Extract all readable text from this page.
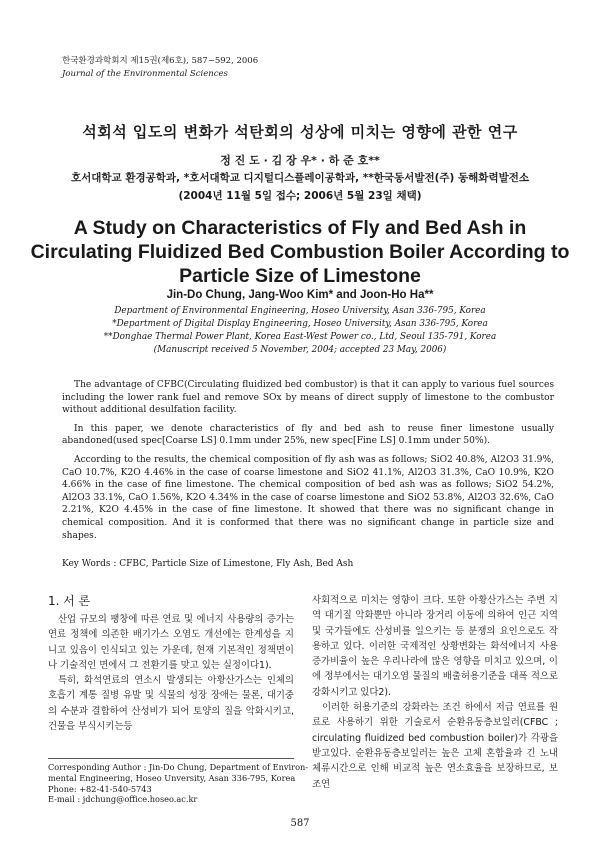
한국환경과학회지 제15권(제6호), 587~592, 2006
Journal of the Environmental Sciences
석회석 입도의 변화가 석탄회의 성상에 미치는 영향에 관한 연구
정 진 도 · 김 장 우* · 하 준 호**
호서대학교 환경공학과, *호서대학교 디지털디스플레이공학과, **한국동서발전(주) 동해화력발전소
(2004년 11월 5일 접수; 2006년 5월 23일 채택)
A Study on Characteristics of Fly and Bed Ash in Circulating Fluidized Bed Combustion Boiler According to Particle Size of Limestone
Jin-Do Chung, Jang-Woo Kim* and Joon-Ho Ha**
Department of Environmental Engineering, Hoseo University, Asan 336-795, Korea
*Department of Digital Display Engineering, Hoseo University, Asan 336-795, Korea
**Donghae Thermal Power Plant, Korea East-West Power co., Ltd, Seoul 135-791, Korea
(Manuscript received 5 November, 2004; accepted 23 May, 2006)

The advantage of CFBC(Circulating fluidized bed combustor) is that it can apply to various fuel sources including the lower rank fuel and remove SOx by means of direct supply of limestone to the combustor without additional desulfation facility.

In this paper, we denote characteristics of fly and bed ash to reuse finer limestone usually abandoned(used spec[Coarse LS] 0.1mm under 25%, new spec[Fine LS] 0.1mm under 50%).

According to the results, the chemical composition of fly ash was as follows; SiO2 40.8%, Al2O3 31.9%, CaO 10.7%, K2O 4.46% in the case of coarse limestone and SiO2 41.1%, Al2O3 31.3%, CaO 10.9%, K2O 4.66% in the case of fine limestone. The chemical composition of bed ash was as follows; SiO2 54.2%, Al2O3 33.1%, CaO 1.56%, K2O 4.34% in the case of coarse limestone and SiO2 53.8%, Al2O3 32.6%, CaO 2.21%, K2O 4.45% in the case of fine limestone. It showed that there was no significant change in chemical composition. And it is conformed that there was no significant change in particle size and shapes.

Key Words : CFBC, Particle Size of Limestone, Fly Ash, Bed Ash
1. 서 론

산업 규모의 팽창에 따른 연료 및 에너지 사용량의 증가는 연료 정책에 의존한 배기가스 오염도 개선에는 한계성을 지니고 있음이 인식되고 있는 가운데, 현재 기본적인 정책면이나 기술적인 면에서 그 전환기를 맞고 있는 실정이다1).

특히, 화석연료의 연소시 발생되는 아황산가스는 인체의 호흡기 계통 질병 유발 및 식물의 성장 장애는 물론, 대기중의 수분과 결합하여 산성비가 되어 토양의 질을 악화시키고, 건물을 부식시키는등

사회적으로 미치는 영향이 크다. 또한 아황산가스는 주변 지역 대기질 악화뿐만 아니라 장거리 이동에 의하여 인근 지역 및 국가들에도 산성비를 일으키는 등 분쟁의 요인으로도 작용하고 있다. 이러한 국제적인 상황변화는 화석에너지 사용 증가비율이 높은 우리나라에 많은 영향을 미치고 있으며, 이에 정부에서는 대기오염 물질의 배출허용기준을 대폭 적으로 강화시키고 있다2).

이러한 허용기준의 강화라는 조건 하에서 저급 연료를 원료로 사용하기 위한 기술로서 순환유동층보일러(CFBC ; circulating fluidized bed combustion boiler)가 각광을 받고있다. 순환유동층보일러는 높은 고체 혼합율과 긴 노내 체류시간으로 인해 비교적 높은 연소효율을 보장하므로, 보조연

Corresponding Author : Jin-Do Chung, Department of Environ-
mental Engineering, Hoseo Unversity, Asan 336-795, Korea
Phone: +82-41-540-5743
E-mail : jdchung@office.hoseo.ac.kr
587
